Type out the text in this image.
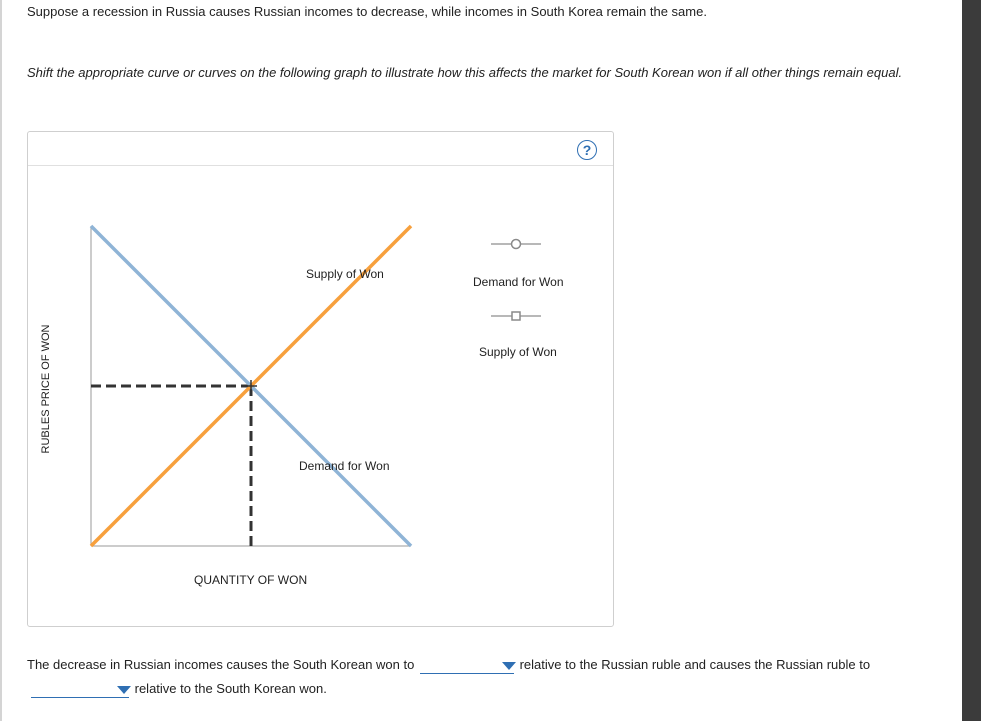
Suppose a recession in Russia causes Russian incomes to decrease, while incomes in South Korea remain the same.

Shift the appropriate curve or curves on the following graph to illustrate how this affects the market for South Korean won if all other things remain equal.

?
RUBLES PRICE OF WON
Supply of Won
Demand for Won
QUANTITY OF WON
Demand for Won
Supply of Won
The decrease in Russian incomes causes the South Korean won to	relative to the Russian ruble and causes the Russian ruble to

relative to the South Korean won.
